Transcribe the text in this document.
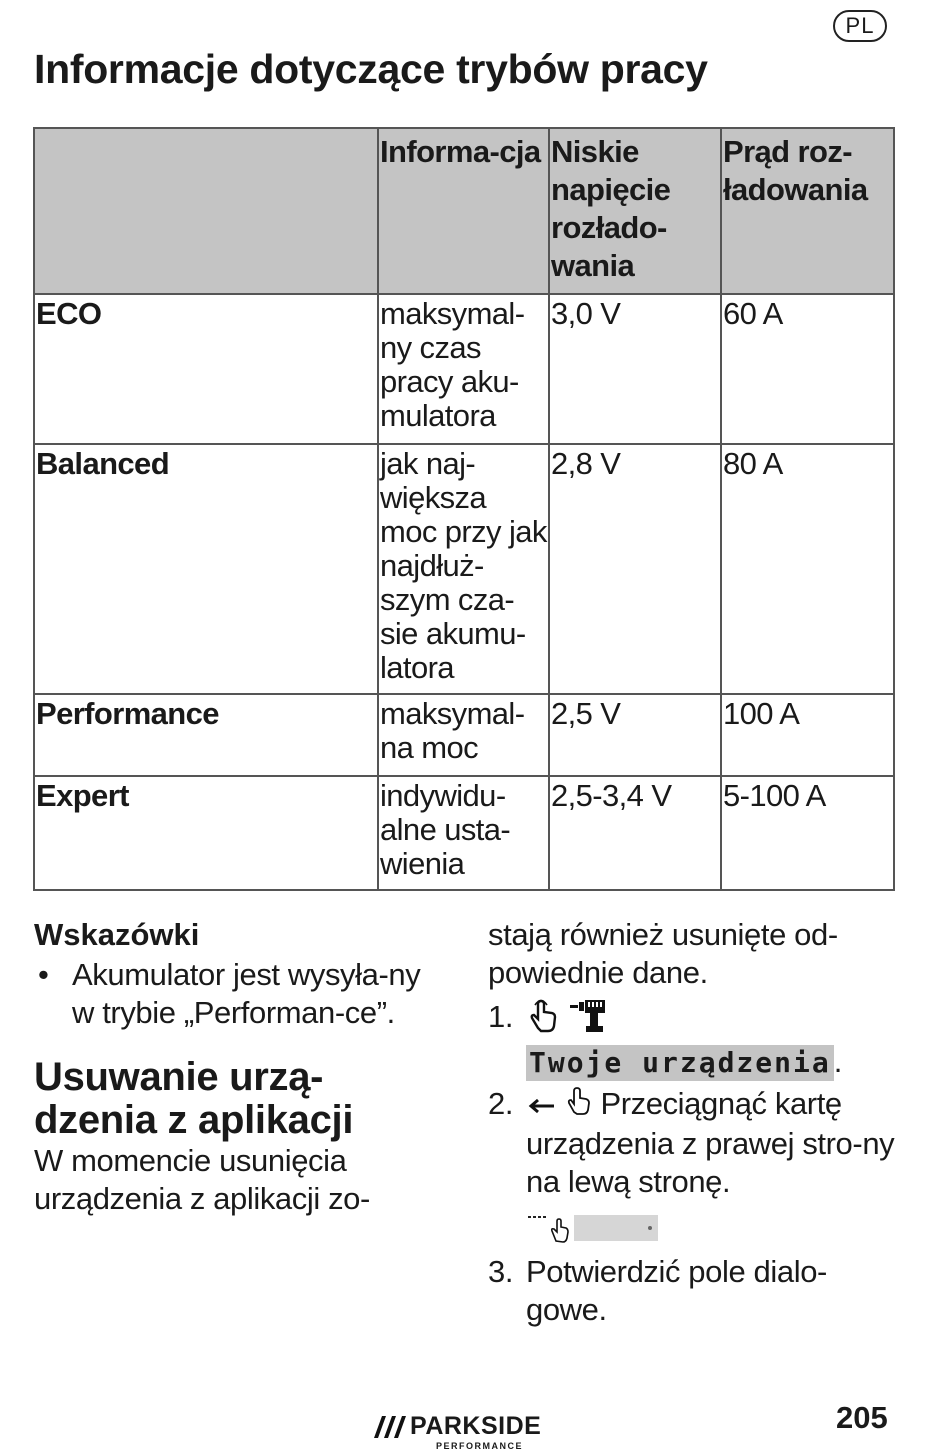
PL
Informacje dotyczące trybów pracy
	Informa-cja	Niskie napięcie rozłado-wania	Prąd roz-ładowania
ECO	maksymal-ny czas pracy aku-mulatora	3,0 V	60 A
Balanced	jak naj-większa moc przy jak najdłuż-szym cza-sie akumu-latora	2,8 V	80 A
Performance	maksymal-na moc	2,5 V	100 A
Expert	indywidu-alne usta-wienia	2,5-3,4 V	5-100 A

Wskazówki

• Akumulator jest wysyła-ny w trybie „Performan-ce”.

Usuwanie urzą-dzenia z aplikacji

W momencie usunięcia urządzenia z aplikacji zo-

stają również usunięte od-powiednie dane.

1.

Twoje urządzenia.
2.	Przeciągnąć kartę urządzenia z prawej stro-ny na lewą stronę.
3. Potwierdzić pole dialo-gowe.
PARKSIDE
PERFORMANCE
205
